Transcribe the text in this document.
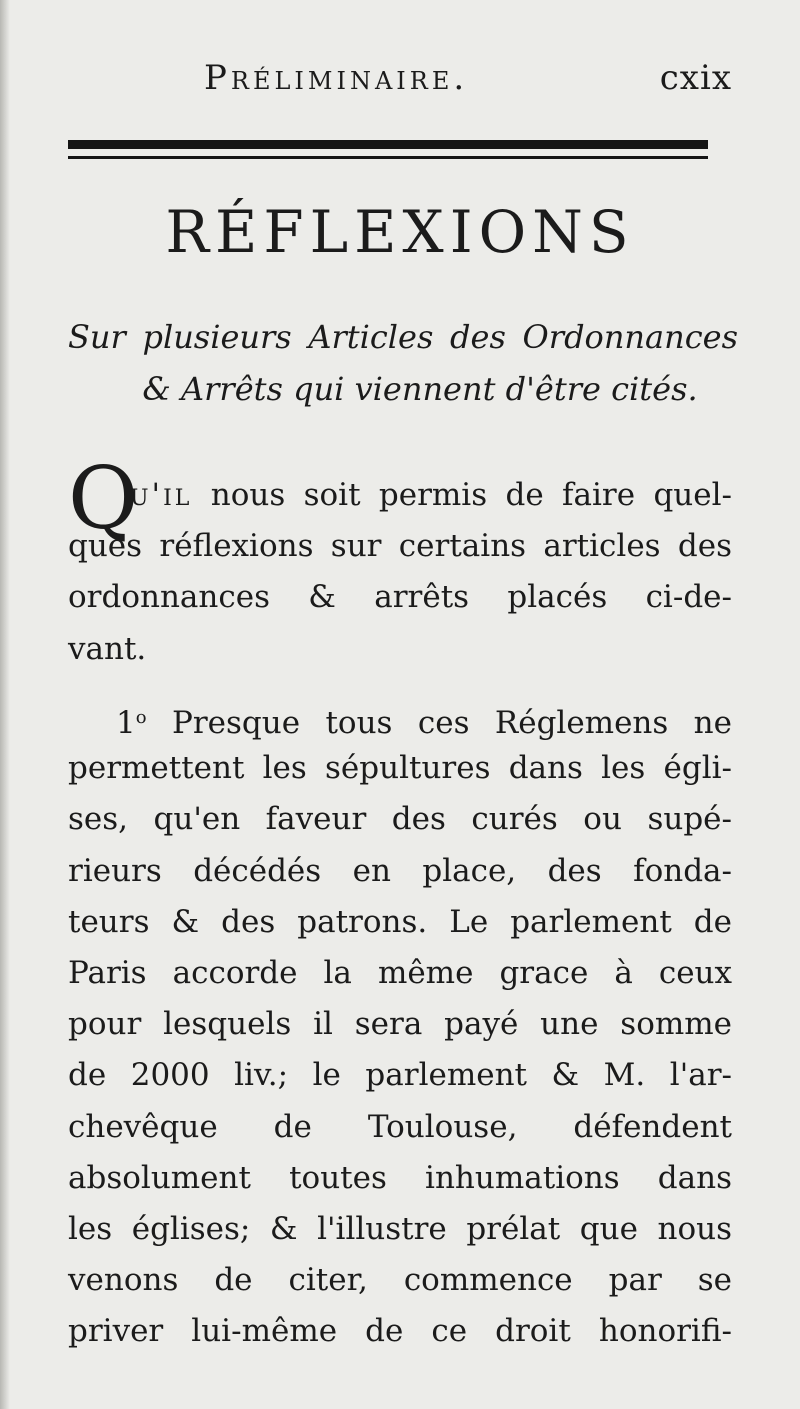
Préliminaire.	cxix
RÉFLEXIONS
Sur plusieurs Articles des Ordonnances
& Arrêts qui viennent d'être cités.
Q
u'il nous soit permis de faire quel-
ques réflexions sur certains articles des
ordonnances & arrêts placés ci-de-
vant.
1$^o$ Presque tous ces Réglemens ne
permettent les sépultures dans les égli-
ses, qu'en faveur des curés ou supé-
rieurs décédés en place, des fonda-
teurs & des patrons. Le parlement de
Paris accorde la même grace à ceux
pour lesquels il sera payé une somme
de 2000 liv.; le parlement & M. l'ar-
chevêque de Toulouse, défendent
absolument toutes inhumations dans
les églises; & l'illustre prélat que nous
venons de citer, commence par se
priver lui-même de ce droit honorifi-
